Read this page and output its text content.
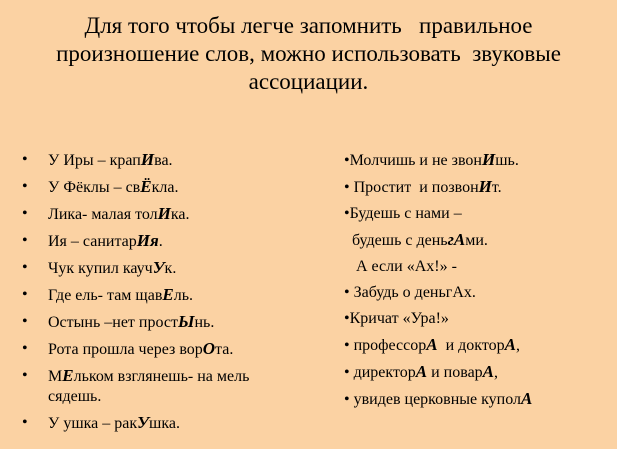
Для того чтобы легче запомнить   правильное
произношение слов, можно использовать  звуковые
ассоциации.
• У Иры – крапИва.
• У Фёклы – свЁкла.
• Лика- малая толИка.
• Ия – санитарИя.
• Чук купил каучУк.
• Где ель- там щавЕль.
• Остынь –нет простЫнь.
• Рота прошла через ворОта.
• МЕльком взглянешь- на мель
сядешь.
• У ушка – ракУшка.
•Молчишь и не звонИшь.
• Простит  и позвонИт.
•Будешь с нами –
будешь с деньгАми.
А если «Ах!» -
• Забудь о деньгАх.
•Кричат «Ура!»
• профессорА  и докторА,
• директорА и поварА,
• увидев церковные куполА
